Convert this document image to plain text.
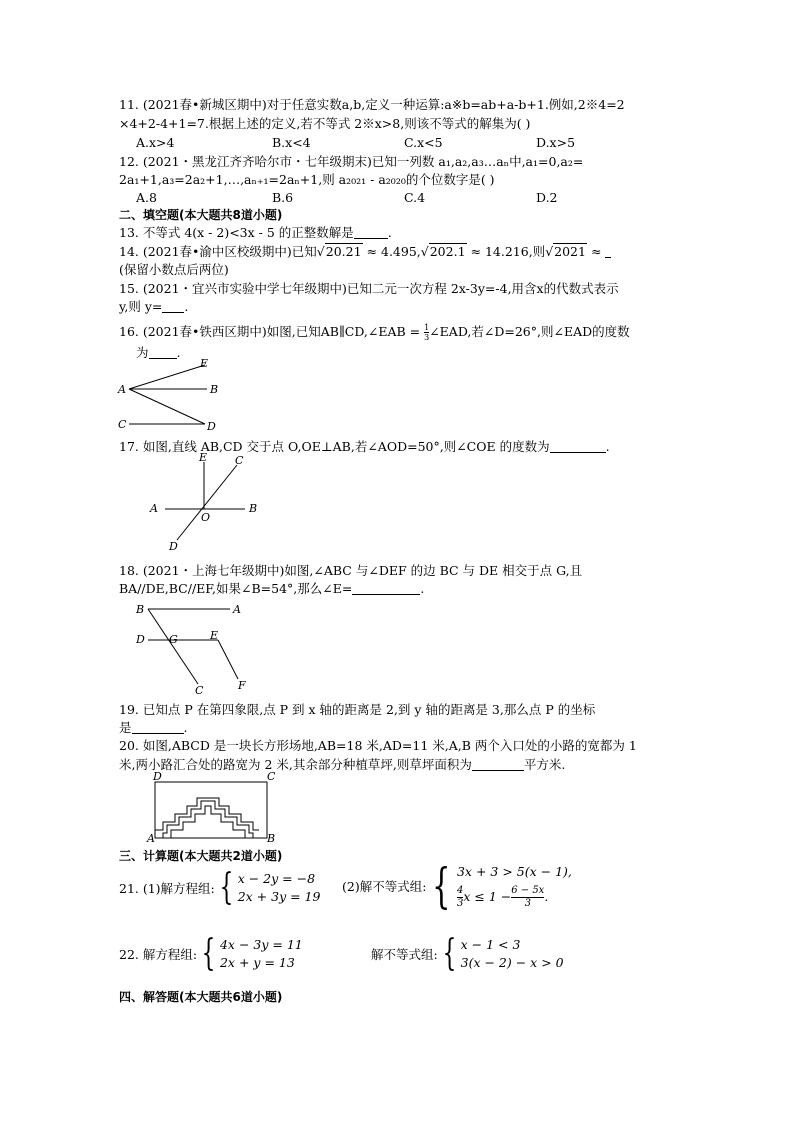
11. (2021春•新城区期中)对于任意实数a,b,定义一种运算:a※b=ab+a-b+1.例如,2※4=2
×4+2-4+1=7.根据上述的定义,若不等式 2※x>8,则该不等式的解集为( )
A.x>4	B.x<4	C.x<5	D.x>5
12. (2021・黑龙江齐齐哈尔市・七年级期末)已知一列数 a₁,a₂,a₃…aₙ中,a₁=0,a₂=
2a₁+1,a₃=2a₂+1,…,aₙ₊₁=2aₙ+1,则 a₂₀₂₁ - a₂₀₂₀的个位数字是( )
A.8	B.6	C.4	D.2
二、填空题(本大题共8道小题)
13. 不等式 4(x - 2)<3x - 5 的正整数解是	.
14. (2021春•渝中区校级期中)已知√20.21 ≈ 4.495,√202.1 ≈ 14.216,则√2021 ≈
(保留小数点后两位)
15. (2021・宜兴市实验中学七年级期中)已知二元一次方程 2x-3y=-4,用含x的代数式表示
y,则 y= .
16. (2021春•铁西区期中)如图,已知AB∥CD,∠EAB = $\frac{1}{3}$ ∠EAD,若∠D=26°,则∠EAD的度数
为 .
A	B
C	D
E
17. 如图,直线 AB,CD 交于点 O,OE⊥AB,若∠AOD=50°,则∠COE 的度数为	.
A	B
C
D
E
O
18. (2021・上海七年级期中)如图,∠ABC 与∠DEF 的边 BC 与 DE 相交于点 G,且
BA//DE,BC//EF,如果∠B=54°,那么∠E=	.
B	A
D G	E
C	F
19. 已知点 P 在第四象限,点 P 到 x 轴的距离是 2,到 y 轴的距离是 3,那么点 P 的坐标
是	.
20. 如图,ABCD 是一块长方形场地,AB=18 米,AD=11 米,A,B 两个入口处的小路的宽都为 1
米,两小路汇合处的路宽为 2 米,其余部分种植草坪,则草坪面积为	平方米.
A	B
C
D
三、计算题(本大题共2道小题)
21. (1)解方程组: { x − 2y = −8
2x + 3y = 19
(2)解不等式组: { 3x + 3 > 5(x − 1),
$\frac{4}{3}$ $x \le 1 - \frac{6 - 5x}{3}$ .
22. 解方程组: { 4x − 3y = 11
2x + y = 13
解不等式组: { x − 1 < 3
3(x − 2) − x > 0
四、解答题(本大题共6道小题)
